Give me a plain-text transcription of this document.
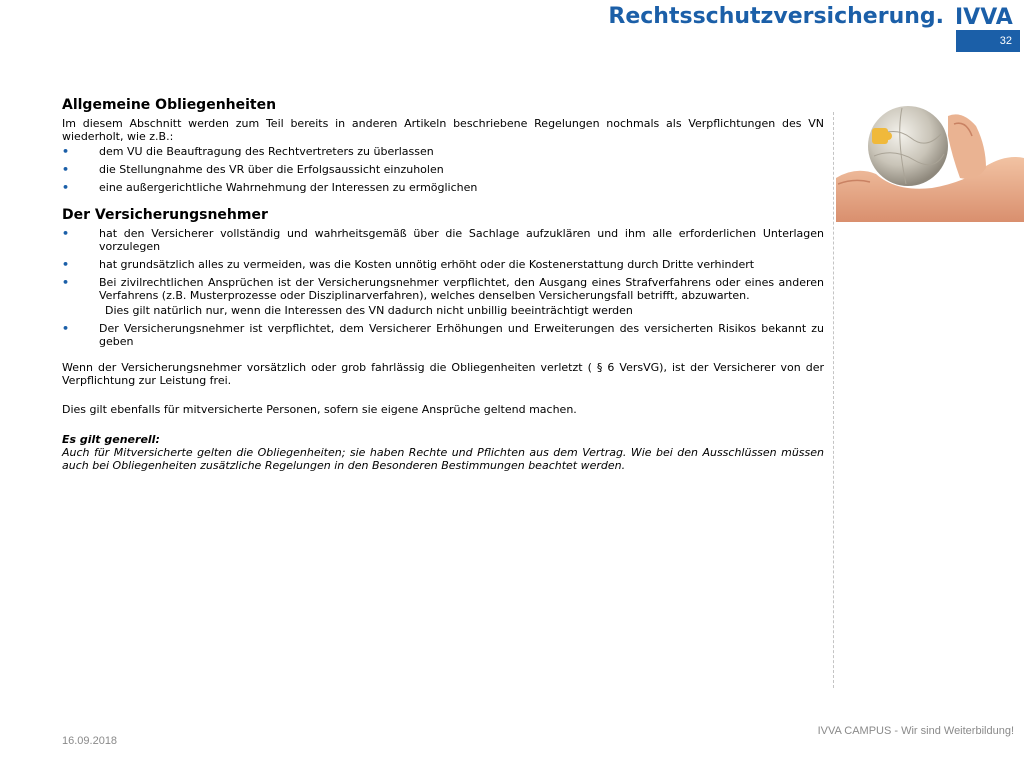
Rechtsschutzversicherung. IVVA
32
Allgemeine Obliegenheiten

Im diesem Abschnitt werden zum Teil bereits in anderen Artikeln beschriebene Regelungen nochmals als Verpflichtungen des VN wiederholt, wie z.B.:

•	dem VU die Beauftragung des Rechtvertreters zu überlassen
•	die Stellungnahme des VR über die Erfolgsaussicht einzuholen
•	eine außergerichtliche Wahrnehmung der Interessen zu ermöglichen
Der Versicherungsnehmer
•	hat den Versicherer vollständig und wahrheitsgemäß über die Sachlage aufzuklären und ihm alle erforderlichen Unterlagen vorzulegen
•	hat grundsätzlich alles zu vermeiden, was die Kosten unnötig erhöht oder die Kostenerstattung durch Dritte verhindert
•	Bei zivilrechtlichen Ansprüchen ist der Versicherungsnehmer verpflichtet, den Ausgang eines Strafverfahrens oder eines anderen Verfahrens (z.B. Musterprozesse oder Disziplinarverfahren), welches denselben Versicherungsfall betrifft, abzuwarten.
Dies gilt natürlich nur, wenn die Interessen des VN dadurch nicht unbillig beeinträchtigt werden
•	Der Versicherungsnehmer ist verpflichtet, dem Versicherer Erhöhungen und Erweiterungen des versicherten Risikos bekannt zu geben

Wenn der Versicherungsnehmer vorsätzlich oder grob fahrlässig die Obliegenheiten verletzt ( § 6 VersVG), ist der Versicherer von der Verpflichtung zur Leistung frei.

Dies gilt ebenfalls für mitversicherte Personen, sofern sie eigene Ansprüche geltend machen.

Es gilt generell:

Auch für Mitversicherte gelten die Obliegenheiten; sie haben Rechte und Pflichten aus dem Vertrag. Wie bei den Ausschlüssen müssen auch bei Obliegenheiten zusätzliche Regelungen in den Besonderen Bestimmungen beachtet werden.

16.09.2018
IVVA CAMPUS - Wir sind Weiterbildung!
